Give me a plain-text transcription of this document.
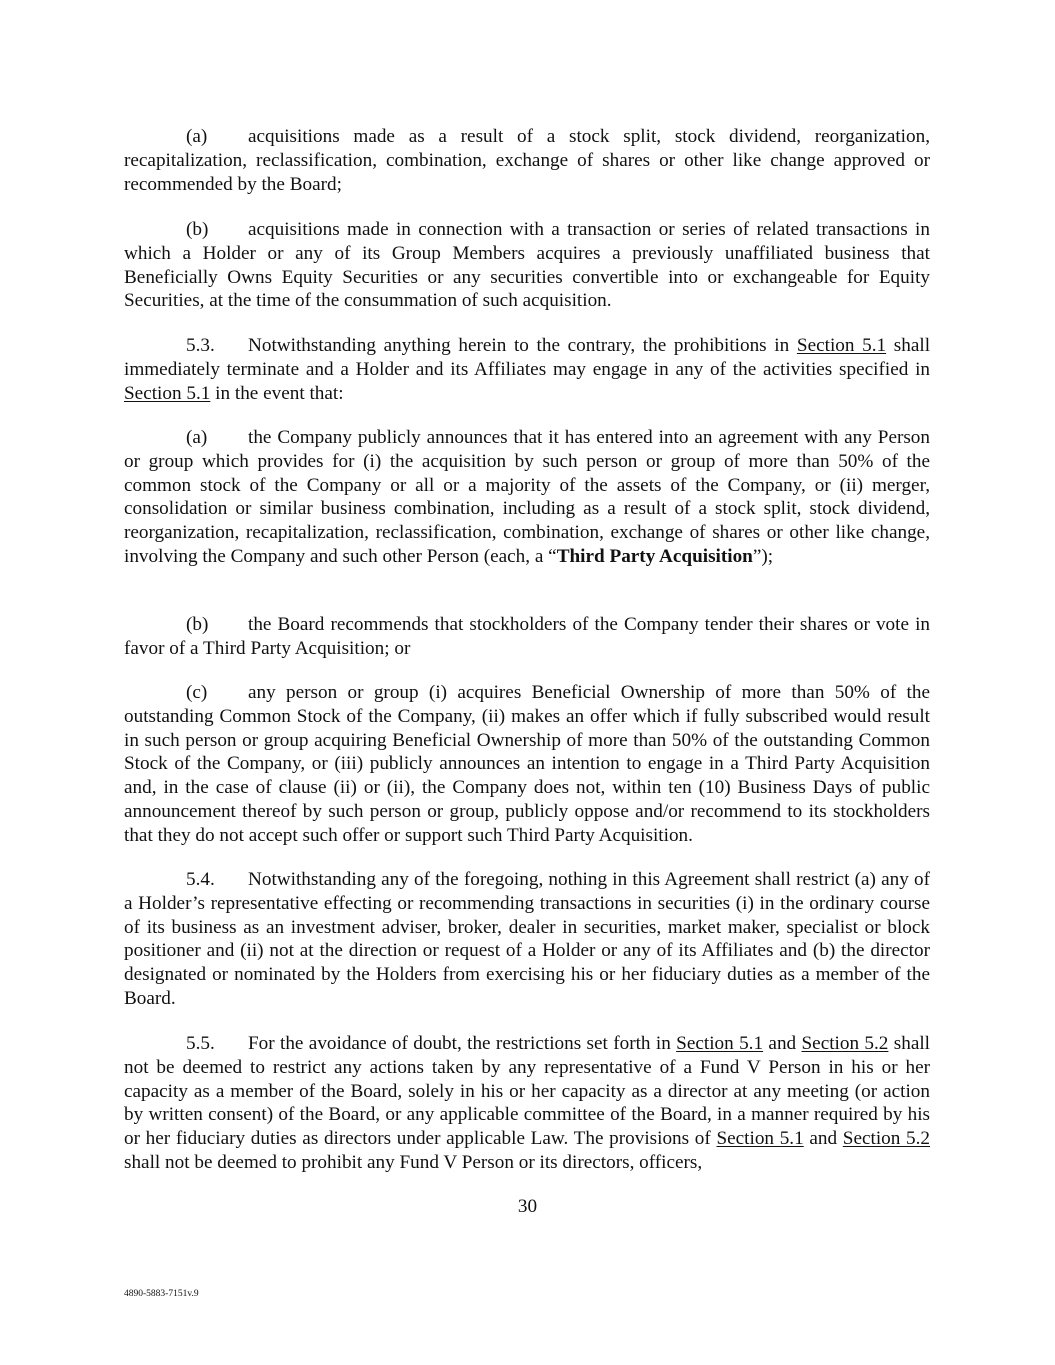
(a) acquisitions made as a result of a stock split, stock dividend, reorganization, recapitalization, reclassification, combination, exchange of shares or other like change approved or recommended by the Board;

(b) acquisitions made in connection with a transaction or series of related transactions in which a Holder or any of its Group Members acquires a previously unaffiliated business that Beneficially Owns Equity Securities or any securities convertible into or exchangeable for Equity Securities, at the time of the consummation of such acquisition.

5.3. Notwithstanding anything herein to the contrary, the prohibitions in Section 5.1 shall immediately terminate and a Holder and its Affiliates may engage in any of the activities specified in Section 5.1 in the event that:

(a) the Company publicly announces that it has entered into an agreement with any Person or group which provides for (i) the acquisition by such person or group of more than 50% of the common stock of the Company or all or a majority of the assets of the Company, or (ii) merger, consolidation or similar business combination, including as a result of a stock split, stock dividend, reorganization, recapitalization, reclassification, combination, exchange of shares or other like change, involving the Company and such other Person (each, a “Third Party Acquisition”);

(b) the Board recommends that stockholders of the Company tender their shares or vote in favor of a Third Party Acquisition; or

(c) any person or group (i) acquires Beneficial Ownership of more than 50% of the outstanding Common Stock of the Company, (ii) makes an offer which if fully subscribed would result in such person or group acquiring Beneficial Ownership of more than 50% of the outstanding Common Stock of the Company, or (iii) publicly announces an intention to engage in a Third Party Acquisition and, in the case of clause (ii) or (ii), the Company does not, within ten (10) Business Days of public announcement thereof by such person or group, publicly oppose and/or recommend to its stockholders that they do not accept such offer or support such Third Party Acquisition.

5.4. Notwithstanding any of the foregoing, nothing in this Agreement shall restrict (a) any of a Holder’s representative effecting or recommending transactions in securities (i) in the ordinary course of its business as an investment adviser, broker, dealer in securities, market maker, specialist or block positioner and (ii) not at the direction or request of a Holder or any of its Affiliates and (b) the director designated or nominated by the Holders from exercising his or her fiduciary duties as a member of the Board.

5.5. For the avoidance of doubt, the restrictions set forth in Section 5.1 and Section 5.2 shall not be deemed to restrict any actions taken by any representative of a Fund V Person in his or her capacity as a member of the Board, solely in his or her capacity as a director at any meeting (or action by written consent) of the Board, or any applicable committee of the Board, in a manner required by his or her fiduciary duties as directors under applicable Law. The provisions of Section 5.1 and Section 5.2 shall not be deemed to prohibit any Fund V Person or its directors, officers,

30

4890-5883-7151v.9
